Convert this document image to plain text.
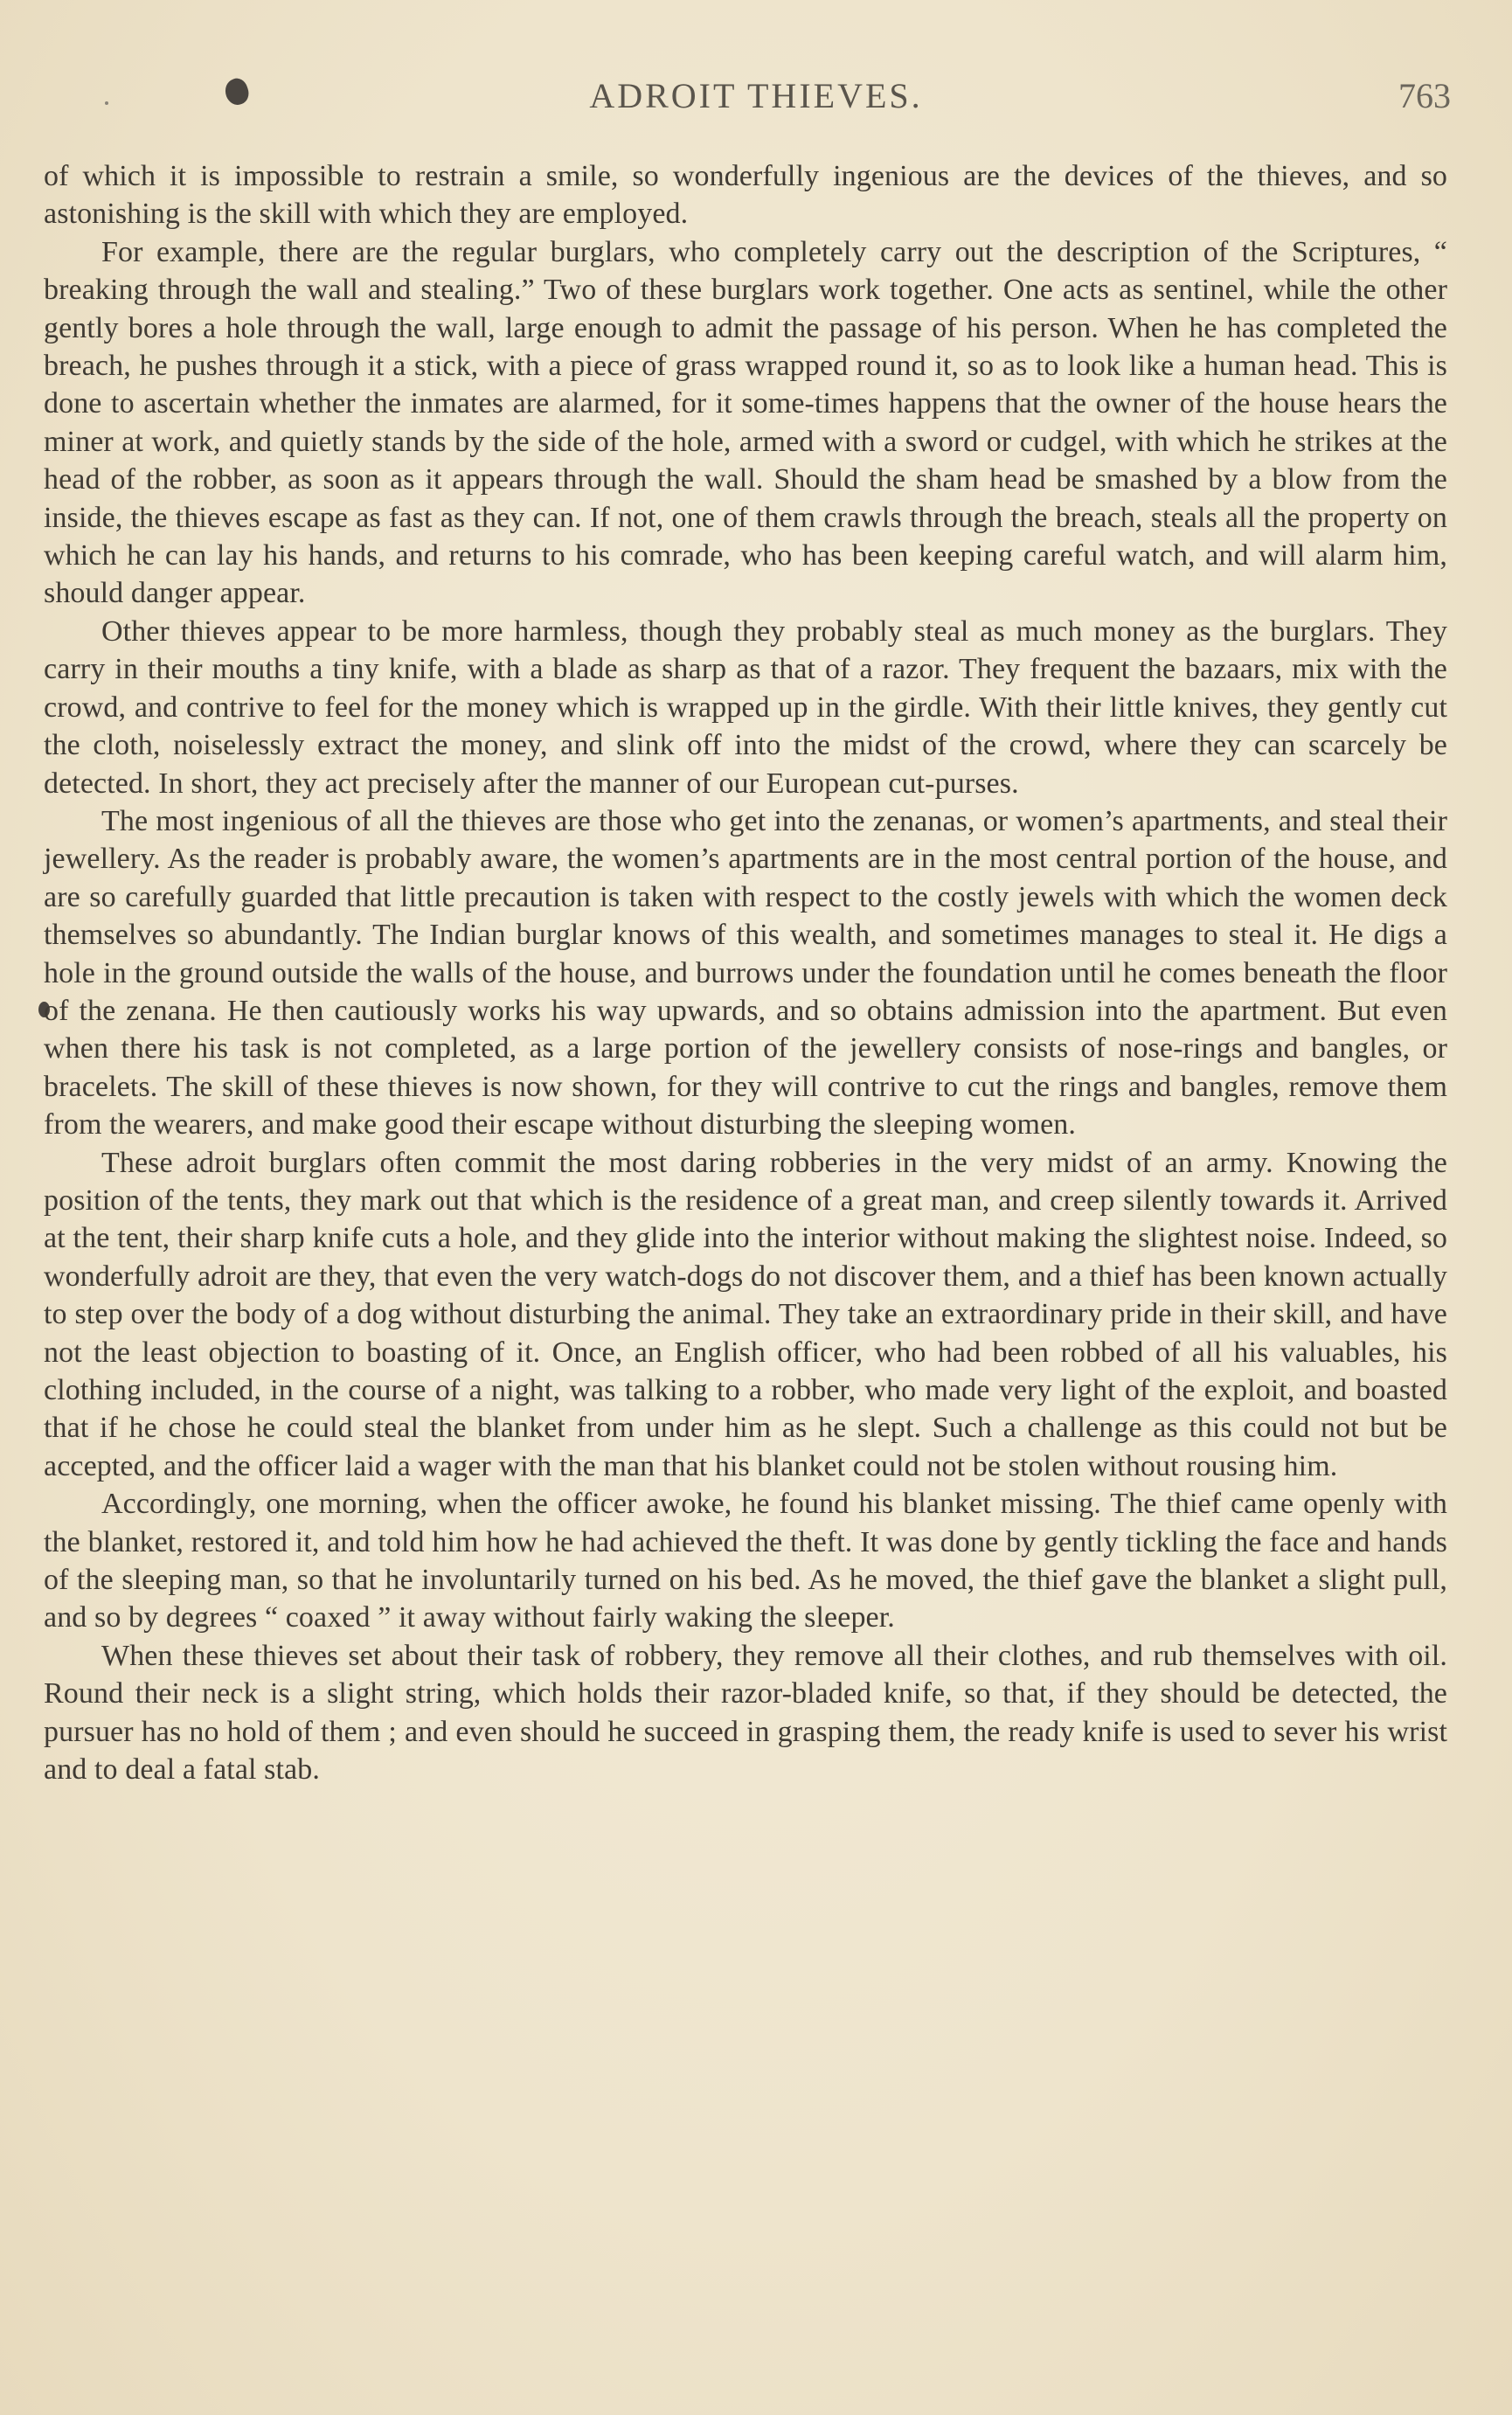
ADROIT THIEVES.	763

of which it is impossible to restrain a smile, so wonderfully ingenious are the devices of the thieves, and so astonishing is the skill with which they are employed.

For example, there are the regular burglars, who completely carry out the description of the Scriptures, “ breaking through the wall and stealing.” Two of these burglars work together. One acts as sentinel, while the other gently bores a hole through the wall, large enough to admit the passage of his person. When he has completed the breach, he pushes through it a stick, with a piece of grass wrapped round it, so as to look like a human head. This is done to ascertain whether the inmates are alarmed, for it some-times happens that the owner of the house hears the miner at work, and quietly stands by the side of the hole, armed with a sword or cudgel, with which he strikes at the head of the robber, as soon as it appears through the wall. Should the sham head be smashed by a blow from the inside, the thieves escape as fast as they can. If not, one of them crawls through the breach, steals all the property on which he can lay his hands, and returns to his comrade, who has been keeping careful watch, and will alarm him, should danger appear.

Other thieves appear to be more harmless, though they probably steal as much money as the burglars. They carry in their mouths a tiny knife, with a blade as sharp as that of a razor. They frequent the bazaars, mix with the crowd, and contrive to feel for the money which is wrapped up in the girdle. With their little knives, they gently cut the cloth, noiselessly extract the money, and slink off into the midst of the crowd, where they can scarcely be detected. In short, they act precisely after the manner of our European cut-purses.

The most ingenious of all the thieves are those who get into the zenanas, or women’s apartments, and steal their jewellery. As the reader is probably aware, the women’s apartments are in the most central portion of the house, and are so carefully guarded that little precaution is taken with respect to the costly jewels with which the women deck themselves so abundantly. The Indian burglar knows of this wealth, and sometimes manages to steal it. He digs a hole in the ground outside the walls of the house, and burrows under the foundation until he comes beneath the floor of the zenana. He then cautiously works his way upwards, and so obtains admission into the apartment. But even when there his task is not completed, as a large portion of the jewellery consists of nose-rings and bangles, or bracelets. The skill of these thieves is now shown, for they will contrive to cut the rings and bangles, remove them from the wearers, and make good their escape without disturbing the sleeping women.

These adroit burglars often commit the most daring robberies in the very midst of an army. Knowing the position of the tents, they mark out that which is the residence of a great man, and creep silently towards it. Arrived at the tent, their sharp knife cuts a hole, and they glide into the interior without making the slightest noise. Indeed, so wonderfully adroit are they, that even the very watch-dogs do not discover them, and a thief has been known actually to step over the body of a dog without disturbing the animal. They take an extraordinary pride in their skill, and have not the least objection to boasting of it. Once, an English officer, who had been robbed of all his valuables, his clothing included, in the course of a night, was talking to a robber, who made very light of the exploit, and boasted that if he chose he could steal the blanket from under him as he slept. Such a challenge as this could not but be accepted, and the officer laid a wager with the man that his blanket could not be stolen without rousing him.

Accordingly, one morning, when the officer awoke, he found his blanket missing. The thief came openly with the blanket, restored it, and told him how he had achieved the theft. It was done by gently tickling the face and hands of the sleeping man, so that he involuntarily turned on his bed. As he moved, the thief gave the blanket a slight pull, and so by degrees “ coaxed ” it away without fairly waking the sleeper.

When these thieves set about their task of robbery, they remove all their clothes, and rub themselves with oil. Round their neck is a slight string, which holds their razor-bladed knife, so that, if they should be detected, the pursuer has no hold of them ; and even should he succeed in grasping them, the ready knife is used to sever his wrist and to deal a fatal stab.
